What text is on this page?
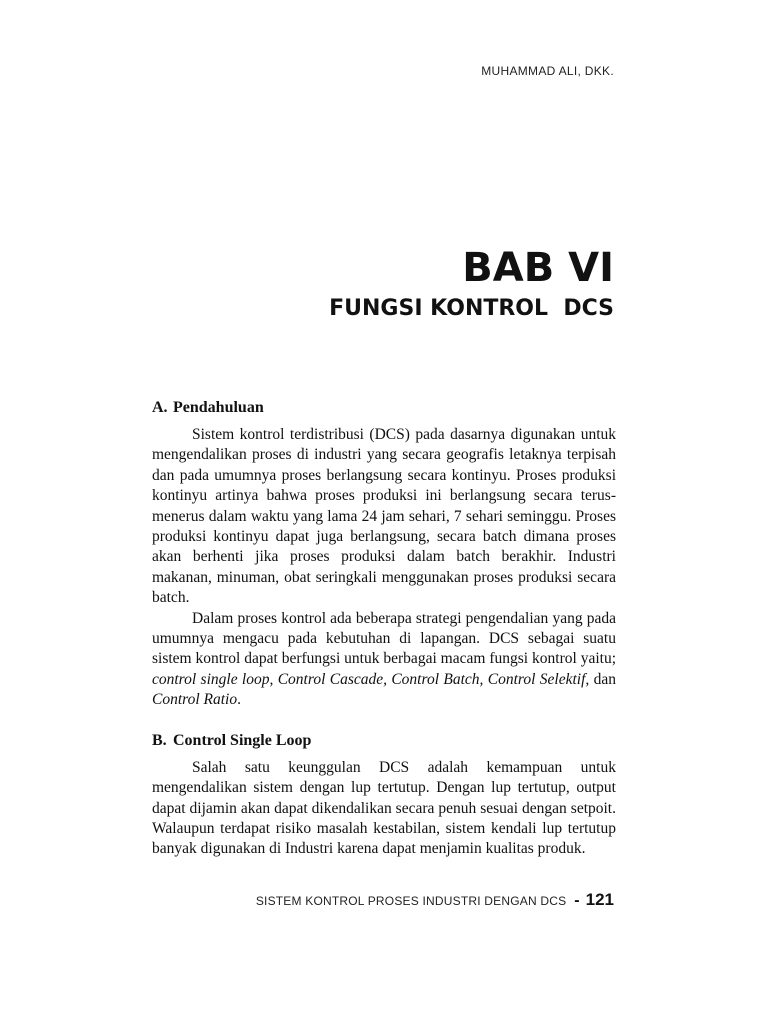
MUHAMMAD ALI, DKK.
BAB VI
FUNGSI KONTROL  DCS
A. Pendahuluan

Sistem kontrol terdistribusi (DCS) pada dasarnya digunakan untuk mengendalikan proses di industri yang secara geografis letaknya terpisah dan pada umumnya proses berlangsung secara kontinyu. Proses produksi kontinyu artinya bahwa proses produksi ini berlangsung secara terus-menerus dalam waktu yang lama 24 jam sehari, 7 sehari seminggu. Proses produksi kontinyu dapat juga berlangsung, secara batch dimana proses akan berhenti jika proses produksi dalam batch berakhir. Industri makanan, minuman, obat seringkali menggunakan proses produksi secara batch.

Dalam proses kontrol ada beberapa strategi pengendalian yang pada umumnya mengacu pada kebutuhan di lapangan. DCS sebagai suatu sistem kontrol dapat berfungsi untuk berbagai macam fungsi kontrol yaitu; control single loop, Control Cascade, Control Batch, Control Selektif, dan Control Ratio.

B. Control Single Loop

Salah satu keunggulan DCS adalah kemampuan untuk mengendalikan sistem dengan lup tertutup. Dengan lup tertutup, output dapat dijamin akan dapat dikendalikan secara penuh sesuai dengan setpoit. Walaupun terdapat risiko masalah kestabilan, sistem kendali lup tertutup banyak digunakan di Industri karena dapat menjamin kualitas produk.

SISTEM KONTROL PROSES INDUSTRI DENGAN DCS - 121
